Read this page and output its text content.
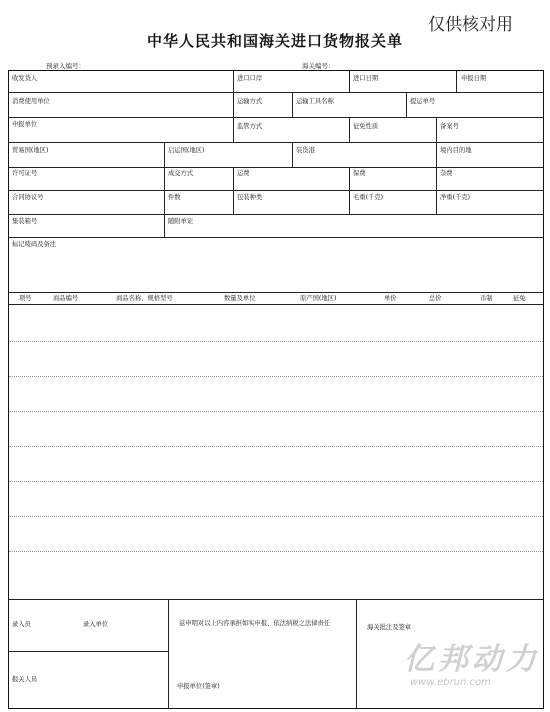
仅供核对用
中华人民共和国海关进口货物报关单
预录入编号：	海关编号：
收发货人	进口口岸	进口日期	申报日期
消费使用单位	运输方式	运输工具名称	提运单号
申报单位	监管方式	征免性质	备案号
贸易国(地区)	启运国(地区)	装货港	境内目的地
许可证号	成交方式	运费	保费	杂费
合同协议号	件数	包装种类	毛重(千克)	净重(千克)
集装箱号	随附单证
标记唛码及备注
项号	商品编号	商品名称、规格型号	数量及单位	原产国(地区)	单价	总价	币制	征免
录入员	录入单位	兹申明对以上内容承担如实申报、依法纳税之法律责任
海关批注及签章
报关人员
申报单位(签章)
亿邦动力
www.ebrun.com
